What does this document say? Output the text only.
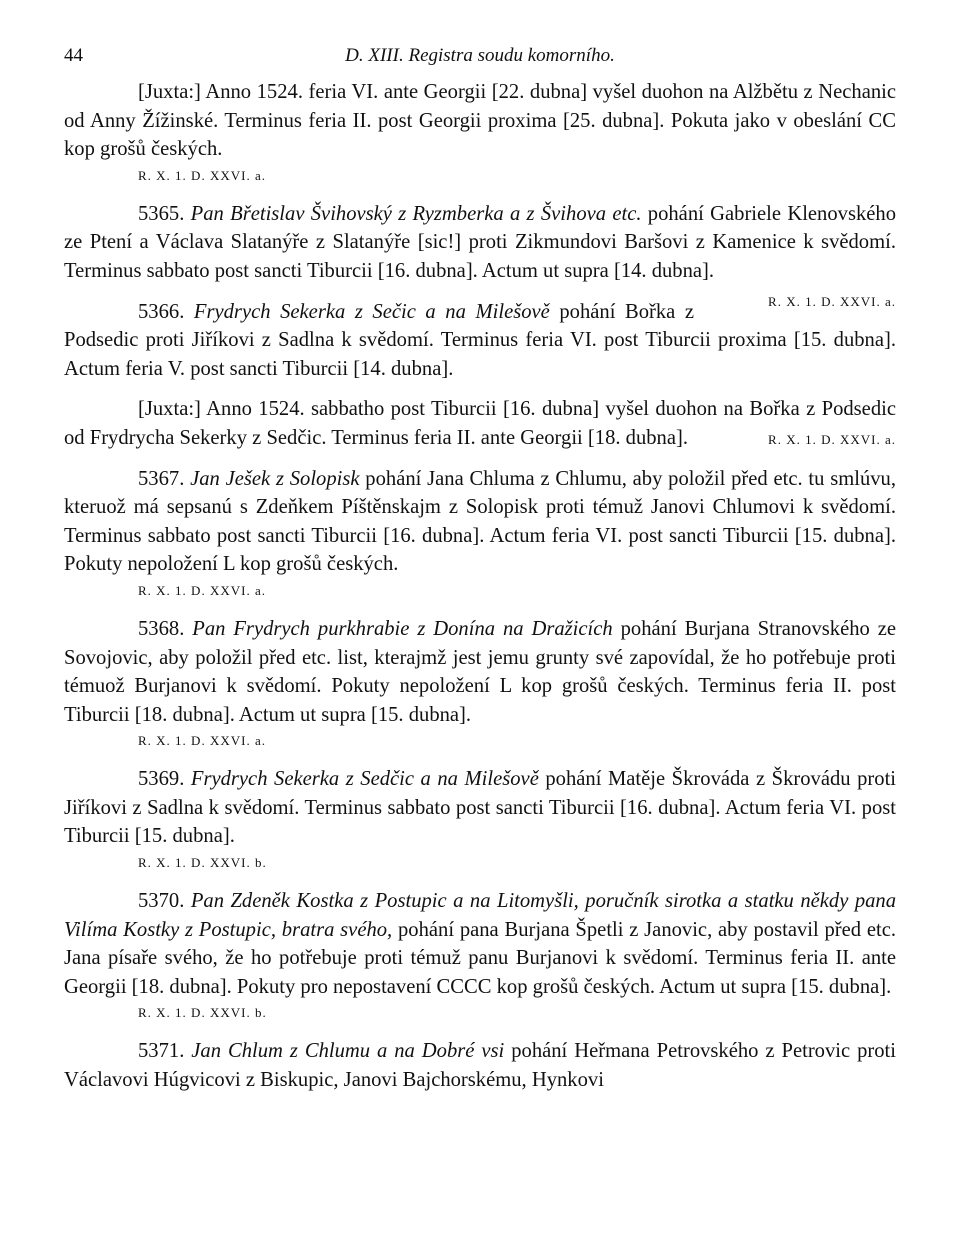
44	D. XIII. Registra soudu komorního.

[Juxta:] Anno 1524. feria VI. ante Georgii [22. dubna] vyšel duohon na Alžbětu z Nechanic od Anny Žížinské. Terminus feria II. post Georgii proxima [25. dubna]. Pokuta jako v obeslání CC kop grošů českých.

R. X. 1. D. XXVI. a.

5365. Pan Břetislav Švihovský z Ryzmberka a z Švihova etc. pohání Gabriele Klenovského ze Ptení a Václava Slatanýře z Slatanýře [sic!] proti Zikmundovi Baršovi z Kamenice k svědomí. Terminus sabbato post sancti Tiburcii [16. dubna]. Actum ut supra [14. dubna].
R. X. 1. D. XXVI. a.

5366. Frydrych Sekerka z Sečic a na Milešově pohání Bořka z Podsedic proti Jiříkovi z Sadlna k svědomí. Terminus feria VI. post Tiburcii proxima [15. dubna]. Actum feria V. post sancti Tiburcii [14. dubna].

[Juxta:] Anno 1524. sabbatho post Tiburcii [16. dubna] vyšel duohon na Bořka z Podsedic od Frydrycha Sekerky z Sedčic. Terminus feria II. ante Georgii [18. dubna].	R. X. 1. D. XXVI. a.

5367. Jan Ješek z Solopisk pohání Jana Chluma z Chlumu, aby položil před etc. tu smlúvu, kteruož má sepsanú s Zdeňkem Píštěnskajm z Solopisk proti témuž Janovi Chlumovi k svědomí. Terminus sabbato post sancti Tiburcii [16. dubna]. Actum feria VI. post sancti Tiburcii [15. dubna]. Pokuty nepoložení L kop grošů českých.

R. X. 1. D. XXVI. a.

5368. Pan Frydrych purkhrabie z Donína na Dražicích pohání Burjana Stranovského ze Sovojovic, aby položil před etc. list, kterajmž jest jemu grunty své zapovídal, že ho potřebuje proti témuož Burjanovi k svědomí. Pokuty nepoložení L kop grošů českých. Terminus feria II. post Tiburcii [18. dubna]. Actum ut supra [15. dubna].

R. X. 1. D. XXVI. a.

5369. Frydrych Sekerka z Sedčic a na Milešově pohání Matěje Škrováda z Škrovádu proti Jiříkovi z Sadlna k svědomí. Terminus sabbato post sancti Tiburcii [16. dubna]. Actum feria VI. post Tiburcii [15. dubna].

R. X. 1. D. XXVI. b.

5370. Pan Zdeněk Kostka z Postupic a na Litomyšli, poručník sirotka a statku někdy pana Vilíma Kostky z Postupic, bratra svého, pohání pana Burjana Špetli z Janovic, aby postavil před etc. Jana písaře svého, že ho potřebuje proti témuž panu Burjanovi k svědomí. Terminus feria II. ante Georgii [18. dubna]. Pokuty pro nepostavení CCCC kop grošů českých. Actum ut supra [15. dubna].

R. X. 1. D. XXVI. b.

5371. Jan Chlum z Chlumu a na Dobré vsi pohání Heřmana Petrovského z Petrovic proti Václavovi Húgvicovi z Biskupic, Janovi Bajchorskému, Hynkovi
